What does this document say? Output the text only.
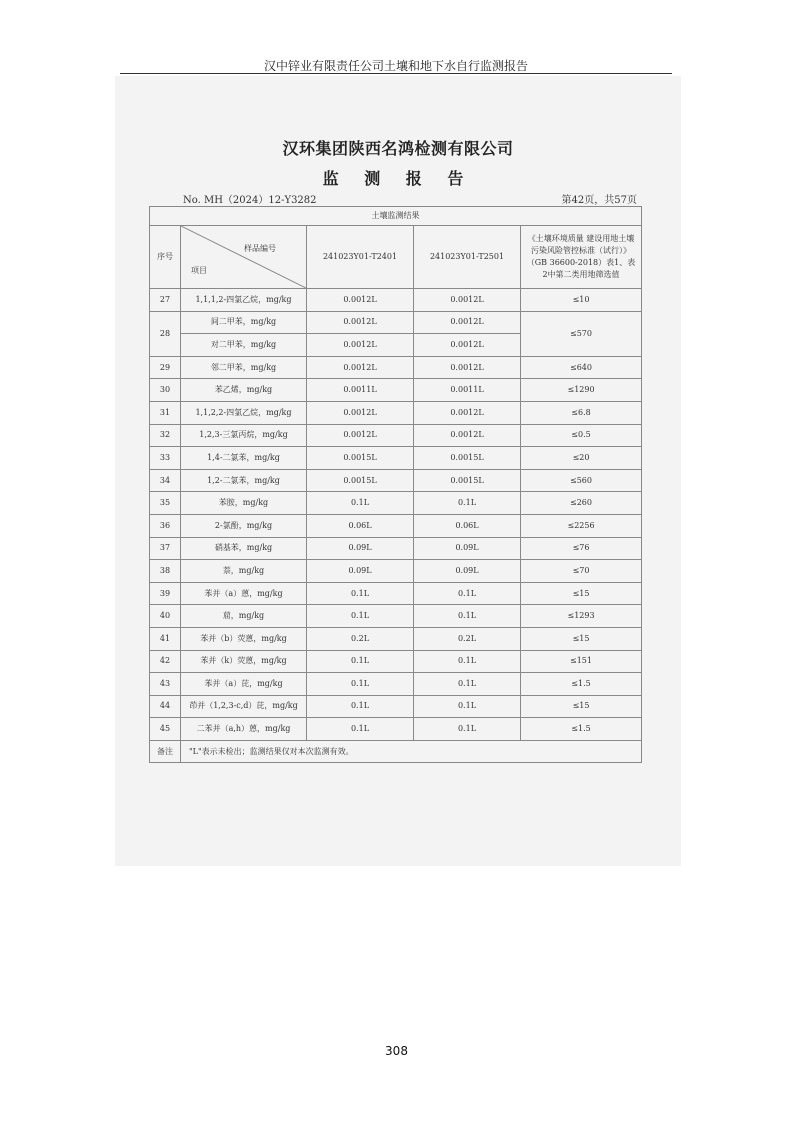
汉中锌业有限责任公司土壤和地下水自行监测报告
汉环集团陕西名鸿检测有限公司
监 测 报 告
No. MH（2024）12-Y3282	第42页，共57页
土壤监测结果				
序号	样品编号
项目	241023Y01-T2401	241023Y01-T2501	《土壤环境质量 建设用地土壤污染风险管控标准（试行）》（GB 36600-2018）表1、表2中第二类用地筛选值
27	1,1,1,2-四氯乙烷，mg/kg	0.0012L	0.0012L	≤10
28	间二甲苯，mg/kg	0.0012L	0.0012L	≤570
	对二甲苯，mg/kg	0.0012L	0.0012L	
29	邻二甲苯，mg/kg	0.0012L	0.0012L	≤640
30	苯乙烯，mg/kg	0.0011L	0.0011L	≤1290
31	1,1,2,2-四氯乙烷，mg/kg	0.0012L	0.0012L	≤6.8
32	1,2,3-三氯丙烷，mg/kg	0.0012L	0.0012L	≤0.5
33	1,4-二氯苯，mg/kg	0.0015L	0.0015L	≤20
34	1,2-二氯苯，mg/kg	0.0015L	0.0015L	≤560
35	苯胺，mg/kg	0.1L	0.1L	≤260
36	2-氯酚，mg/kg	0.06L	0.06L	≤2256
37	硝基苯，mg/kg	0.09L	0.09L	≤76
38	萘，mg/kg	0.09L	0.09L	≤70
39	苯并（a）蒽，mg/kg	0.1L	0.1L	≤15
40	䓛，mg/kg	0.1L	0.1L	≤1293
41	苯并（b）荧蒽，mg/kg	0.2L	0.2L	≤15
42	苯并（k）荧蒽，mg/kg	0.1L	0.1L	≤151
43	苯并（a）芘，mg/kg	0.1L	0.1L	≤1.5
44	茚并（1,2,3-c,d）芘，mg/kg	0.1L	0.1L	≤15
45	二苯并（a,h）蒽，mg/kg	0.1L	0.1L	≤1.5
备注	"L"表示未检出；监测结果仅对本次监测有效。			
308
